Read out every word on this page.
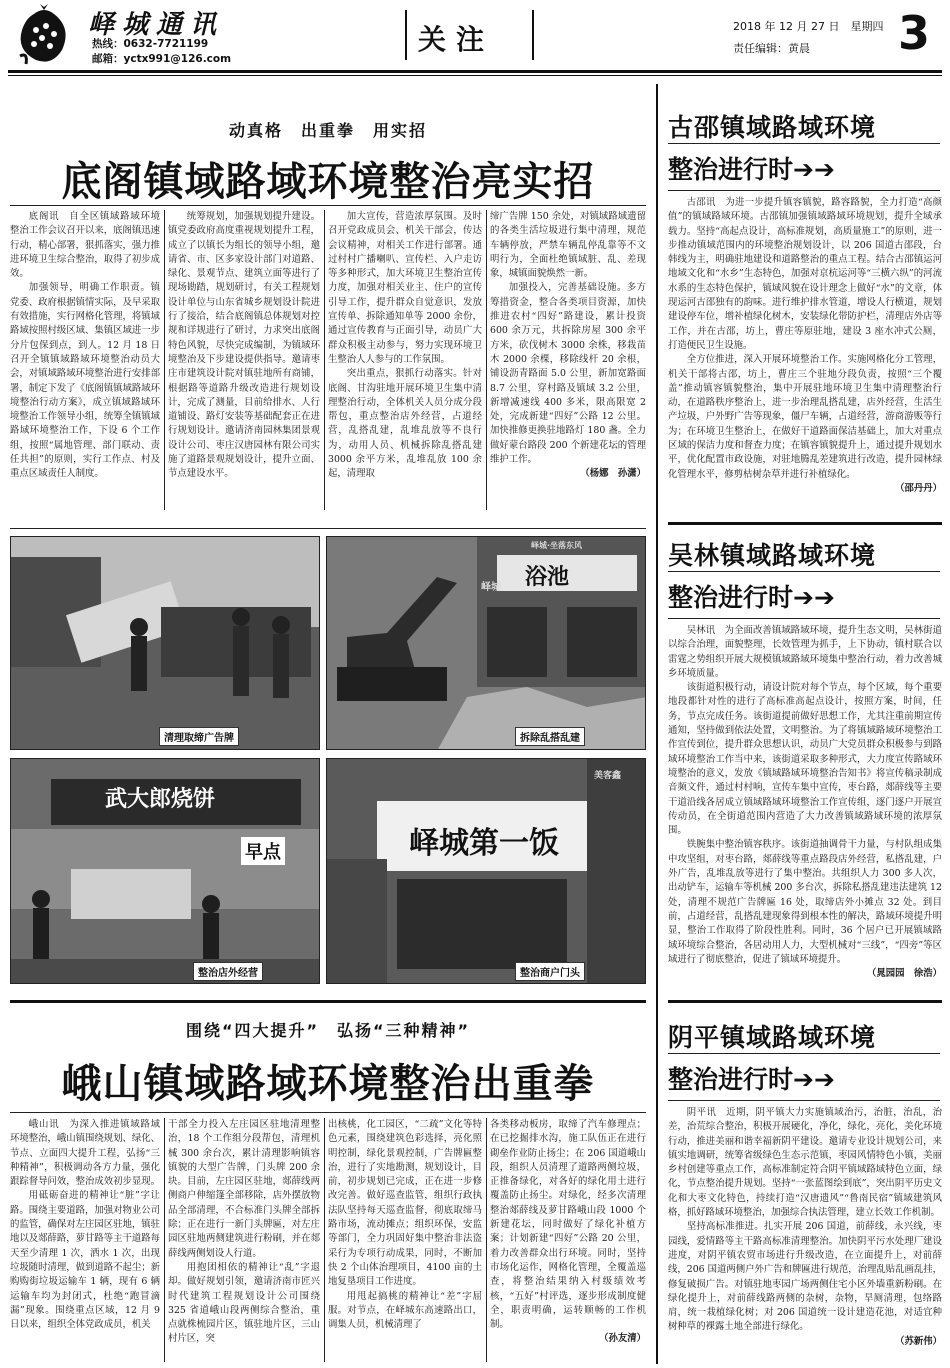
峄城通讯
热线：0632-7721199
邮箱：yctx991@126.com
关注	2018 年 12 月 27 日　星期四
责任编辑：黄晨 3
动真格　出重拳　用实招
底阁镇域路域环境整治亮实招

底阁讯　自全区镇域路域环境整治工作会议召开以来，底阁镇迅速行动，精心部署，狠抓落实，强力推进环境卫生综合整治，取得了初步成效。

加强领导，明确工作职责。镇党委、政府根据镇情实际，及早采取有效措施，实行网格化管理，将镇域路域按照村级区域、集镇区域进一步分片包保到点，到人。12 月 18 日召开全镇镇域路域环境整治动员大会，对镇域路域环境整治进行安排部署，制定下发了《底阁镇镇域路域环境整治行动方案》，成立镇域路域环境整治工作领导小组，统筹全镇镇域路域环境整治工作，下设 6 个工作组，按照“属地管理、部门联动、责任共担”的原则，实行工作点、村及重点区域责任人制度。

统筹规划，加强规划提升建设。镇党委政府高度重视规划提升工程，成立了以镇长为组长的领导小组，邀请省、市、区多家设计部门对道路、绿化、景观节点、建筑立面等进行了现场勘踏，规划研讨，有关工程规划设计单位与山东省城乡规划设计院进行了接洽，结合底阁镇总体规划对控规和详规进行了研讨，力求突出底阁特色风貌，尽快完成编制，为镇域环境整治及下步建设提供指导。邀请枣庄市建筑设计院对镇驻地所有商铺，根据路等道路升级改造进行规划设计，完成了测量，目前给排水、人行道铺设、路灯安装等基础配套正在进行规划设计。邀请济南园林集团景观设计公司、枣庄汉唐园林有限公司实施了道路景观规划设计，提升立面、节点建设水平。

加大宣传，营造浓厚氛围。及时召开党政成员会、机关干部会，传达会议精神，对相关工作进行部署。通过村村广播喇叭、宣传栏、入户走访等多种形式，加大环境卫生整治宣传力度，加强对相关业主、住户的宣传引导工作，提升群众自觉意识，发放宣传单、拆除通知单等 2000 余份，通过宣传教育与正面引导，动员广大群众积极主动参与，努力实现环境卫生整治人人参与的工作氛围。

突出重点，狠抓行动落实。针对底阁、甘沟驻地开展环境卫生集中清理整治行动，全体机关人员分成分段帮包，重点整治店外经营，占道经营，乱搭乱建，乱堆乱放等不良行为，动用人员、机械拆除乱搭乱建 3000 余平方米，乱堆乱放 100 余起，清理取

缔广告牌 150 余处，对镇域路域遗留的各类生活垃圾进行集中清理，规范车辆停放，严禁车辆乱停乱靠等不文明行为，全面杜绝镇域脏、乱、差现象，城镇面貌焕然一新。

加强投入，完善基础设施。多方筹措资金，整合各类项目资源，加快推进农村“四好”路建设，累计投资 600 余万元，共拆除房屋 300 余平方米，砍伐树木 3000 余株，移栽苗木 2000 余棵，移除线杆 20 余根，铺设沥青路面 5.0 公里，新加宽路面 8.7 公里，穿村路及镇域 3.2 公里，新增减速线 400 多米，限高限宽 2 处，完成新建“四好”公路 12 公里。加快推修更换驻地路灯 180 盏。全力做好蒙台路段 200 个新建花坛的管理维护工作。

（杨娜　孙潇）
清理取缔广告牌
浴池
峄城·坐落东风
峄城
拆除乱搭乱建
武大郎烧饼
早点
整治店外经营
峄城第一饭
美客鑫
整治商户门头
围绕“四大提升”　弘扬“三种精神”
峨山镇域路域环境整治出重拳

峨山讯　为深入推进镇域路域环境整治，峨山镇围绕规划、绿化、节点、立面四大提升工程，弘扬“三种精神”，积极调动各方力量，强化跟踪督导问效，整治成效初步显现。

用砥砺奋进的精神让“脏”字让路。围绕主要道路，加强对物业公司的监管，确保对左庄园区驻地，镇驻地以及郯薛路，萝甘路等主干道路每天至少清理 1 次，洒水 1 次，出现垃圾随时清理，做到道路不起尘；新购购街垃圾运输车 1 辆，现有 6 辆运输车均为封闭式，杜绝“跑冒滴漏”现象。围绕重点区域，12 月 9 日以来，组织全体党政成员，机关

干部全力投入左庄园区驻地清理整治，18 个工作组分段帮包，清理机械 300 余台次，累计清理影响镇容镇貌的大型广告牌，门头牌 200 余块。目前，左庄园区驻地，郯薛线两侧商户伸缩篷全部移除，店外摆放物品全部清理，不合标准门头牌全部拆除；正在进行一新门头牌匾，对左庄园区驻地两侧建筑进行粉刷，并在郯薛线两侧划设人行道。

用抱团相依的精神让“乱”字退却。做好规划引领，邀请济南市匠兴时代建筑工程规划设计公司围绕 325 省道峨山段两侧综合整治，重点就株梳园片区，镇驻地片区，三山村片区，突

出核桃，化工园区，“二疏”文化等特色元素，围绕建筑色彩选择，亮化照明控制，绿化景观控制，广告牌匾整治，进行了实地勘测，规划设计，目前，初步规划已完成，正在进一步修改完善。做好巡查监管，组织行政执法队坚持每天巡查监督，彻底取缔马路市场，流动摊点；组织环保，安监等部门，全力巩固好集中整治非法盗采行为专项行动成果，同时，不断加快 2 个山体治理项目，4100 亩的土地复垦项目工作进度。

用甩起搞桃的精神让“差”字屈服。对节点，在峄城东高速路出口，调集人员，机械清理了

各类移动板房，取缔了汽车修理点；在已挖掘排水沟，施工队伍正在进行砌垒作业防止扬尘；在 206 国道峨山段，组织人员清理了道路两侧垃圾，正推备绿化，对各好的绿化用土进行覆盖防止扬尘。对绿化，经多次清理整治郯薛线及萝甘路峨山段 1000 个新建花坛，同时做好了绿化补植方案；计划新建“四好”公路 20 公里，着力改善群众出行环境。同时，坚持市场化运作，网格化管理，全覆盖巡查，将整治结果纳入村级绩效考核，“五好”村评选，逐步形成制度健全，职责明确，运转顺畅的工作机制。

（孙友清）
古邵镇域路域环境
整治进行时➔➔

古邵讯　为进一步提升镇容镇貌，路容路貌，全力打造“高颜值”的镇域路域环境。古邵镇加强镇域路域环境规划，提升全域承载力。坚持“高起点设计，高标准规划，高质量施工”的原则，进一步推动镇域范围内的环境整治规划设计，以 206 国道古邵段，台韩线为主，明确驻地建设和道路整治的重点工程。结合古邵镇运河地域文化和“水乡”生态特色，加强对京杭运河等“三横六纵”的河流水系的生态特色保护，镇域风貌在设计理念上做好“水”的文章，体现运河古邵独有的韵味。进行维护排水管道，增设人行横道，规划建设停车位，增补植绿化树木，安装绿化带防护栏，清理店外店等工作，并在古邵，坊上，曹庄等原驻地，建设 3 座水冲式公厕，打造便民卫生设施。

全方位推进，深入开展环境整治工作。实施网格化分工管理，机关干部将古邵，坊上，曹庄三个驻地分段负责，按照“三个覆盖”推动镇容镇貌整治，集中开展驻地环境卫生集中清理整治行动，在道路秩序整治上，进一步治理乱搭乱建，店外经营，生活生产垃圾，户外野广告等现象，僵尸车辆，占道经营，游商游贩等行为；在环境卫生整治上，在做好干道路面保洁基础上，加大对重点区域的保洁力度和督查力度；在镇容镇貌提升上，通过提升规划水平，优化配置市政设施，对驻地腾乱差建筑进行改造，提升园林绿化管理水平，修剪枯树杂草并进行补植绿化。

（邵丹丹）
吴林镇域路域环境
整治进行时➔➔

吴林讯　为全面改善镇域路域环境，提升生态文明，吴林街道以综合治理，面貌整理，长效管理为抓手，上下协动，镇村联合以雷霆之势组织开展大规模镇域路域环境集中整治行动，着力改善城乡环境质量。

该街道积极行动，请设计院对每个节点，每个区域，每个重要地段都针对性的进行了高标准高起点设计，按照方案，时间，任务，节点完成任务。该街道提前做好思想工作，尤其注重前期宣传通知，坚持做到依法处置，文明整治。为了将镇域路域环境整治工作宣传到位，提升群众思想认识，动员广大党员群众积极参与到路域环境整治工作当中来，该街道采取多种形式，大力度宣传路域环境整治的意义，发放《镇域路域环境整治告知书》将宣传稿录制成音频文件，通过村村响，宣传车集中宣传，枣台路，郯薛线等主要干道沿线各居成立镇域路域环境整治工作宣传组，逐门逐户开展宣传动员，在全街道范围内营造了大力改善镇域路域环境的浓厚氛围。

铁腕集中整治镇容秩序。该街道抽调骨干力量，与村队组成集中攻坚组，对枣台路，郯薛线等重点路段店外经营，私搭乱建，户外广告，乱堆乱放等进行了集中整治。共组织人力 300 多人次，出动铲车，运输车等机械 200 多台次，拆除私搭乱建违法建筑 12 处，清理不规范广告牌匾 16 处，取缔店外小摊点 32 处。到目前，占道经营，乱搭乱建现象得到根本性的解决，路域环境提升明显，整治工作取得了阶段性胜利。同时，36 个居户已开展镇域路域环境综合整治，各居动用人力，大型机械对“三线”，“四旁”等区域进行了彻底整治，促进了镇域环境提升。

（晁园园　徐浩）
阴平镇域路域环境
整治进行时➔➔

阴平讯　近期，阴平镇大力实施镇域治污，治脏，治乱，治差，治荒综合整治，积极开展硬化，净化，绿化，亮化，美化环境行动，推进美丽和谐幸福新阴平建设。邀请专业设计规划公司，来镇实地调研，统筹省级绿色生态示范镇，枣园风情特色小镇，美丽乡村创建等重点工作，高标准制定符合阴平镇域路域特色立面，绿化，节点整治提升规划。坚持“一张蓝图绘到底”，突出阴平历史文化和大枣文化特色，持续打造“汉唐遗风”“鲁南民宿”镇域建筑风格，抓好路域环境整治，加强综合执法管理，建立长效工作机制。

坚持高标准推进。扎实开展 206 国道，前薛线，永兴线，枣园线，爱情路等主干路高标准清理整治。加快阴平污水处理厂建设进度，对阴平镇农贸市场进行升级改造，在立面提升上，对前薛线，206 国道两侧户外广告和牌匾进行规范，治理乱贴乱画乱挂，修复破损广告。对镇驻地枣园广场两侧住宅小区外墙重新粉刷。在绿化提升上，对前薛线路两侧的杂树，杂物，旱厕清理，包络路肩，统一栽植绿化树；对 206 国道统一设计建造花池，对适宜种树种草的裸露土地全部进行绿化。

（苏新伟）
